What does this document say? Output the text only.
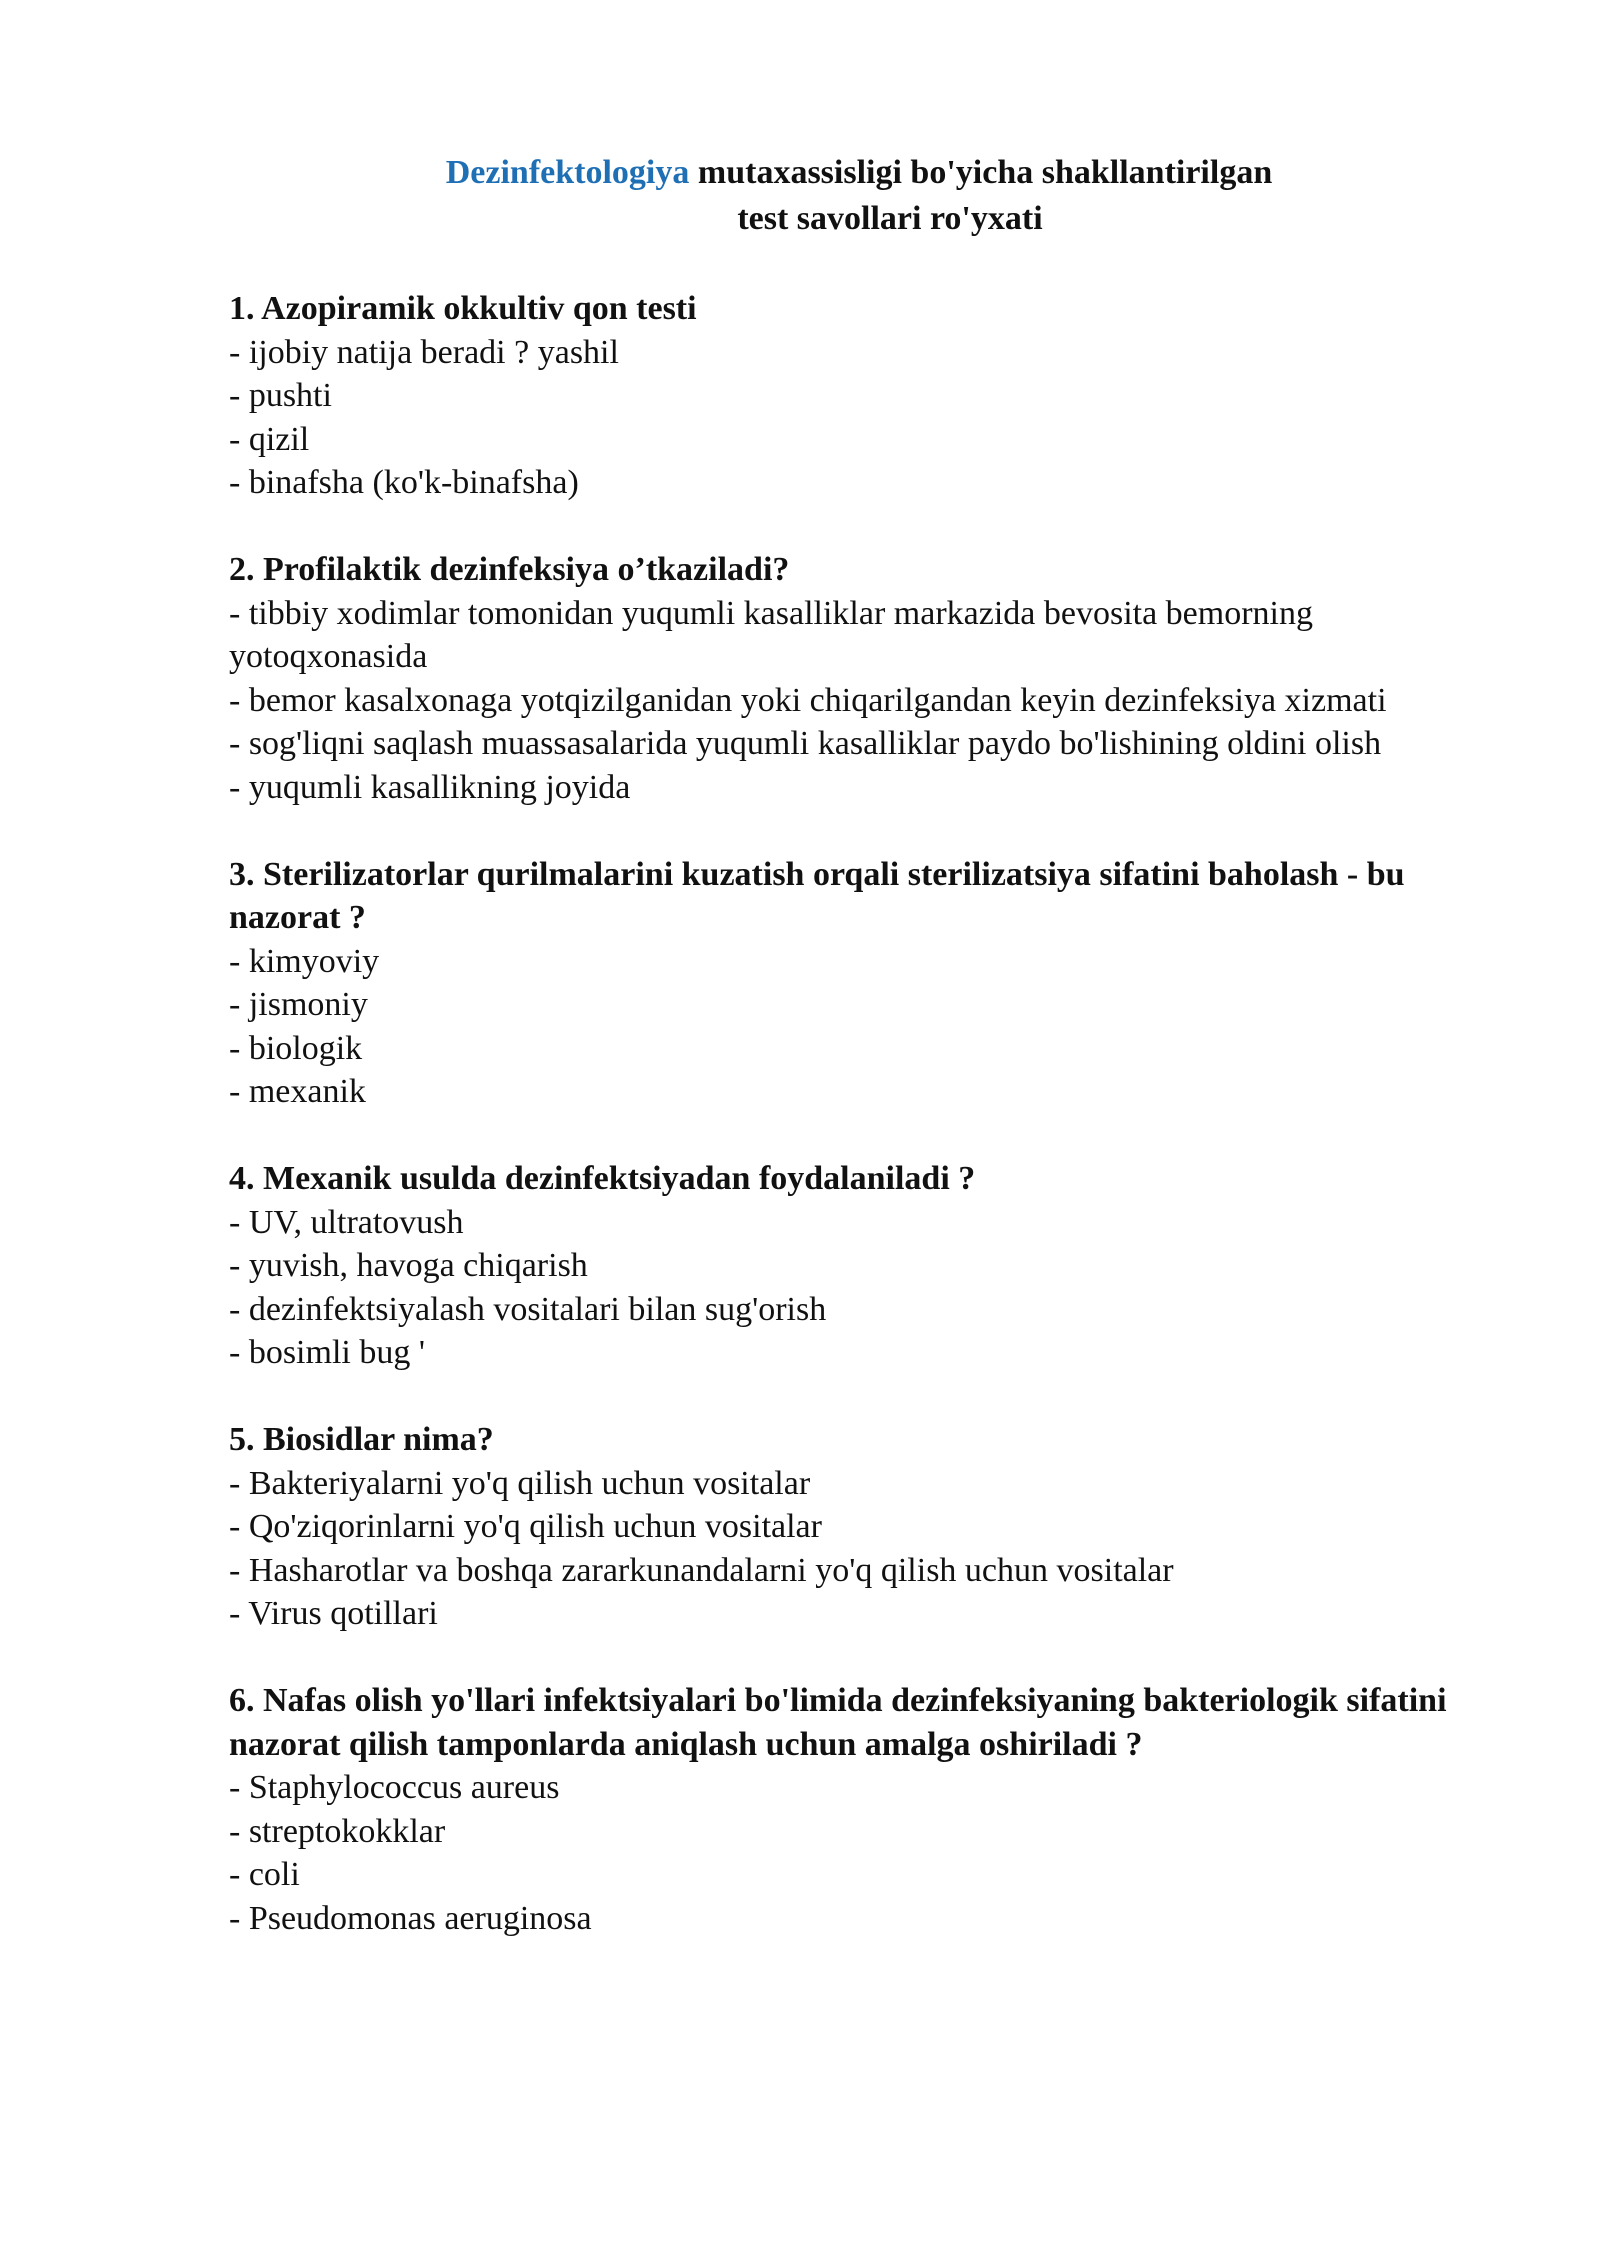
Dezinfektologiya mutaxassisligi bo'yicha shakllantirilgan
test savollari ro'yxati
1. Azopiramik okkultiv qon testi
- ijobiy natija beradi ? yashil
- pushti
- qizil
- binafsha (ko'k-binafsha)
2. Profilaktik dezinfeksiya o’tkaziladi?
- tibbiy xodimlar tomonidan yuqumli kasalliklar markazida bevosita bemorning yotoqxonasida
- bemor kasalxonaga yotqizilganidan yoki chiqarilgandan keyin dezinfeksiya xizmati
- sog'liqni saqlash muassasalarida yuqumli kasalliklar paydo bo'lishining oldini olish
- yuqumli kasallikning joyida
3. Sterilizatorlar qurilmalarini kuzatish orqali sterilizatsiya sifatini baholash - bu nazorat ?
- kimyoviy
- jismoniy
- biologik
- mexanik
4. Mexanik usulda dezinfektsiyadan foydalaniladi ?
- UV, ultratovush
- yuvish, havoga chiqarish
- dezinfektsiyalash vositalari bilan sug'orish
- bosimli bug '
5. Biosidlar nima?
- Bakteriyalarni yo'q qilish uchun vositalar
- Qo'ziqorinlarni yo'q qilish uchun vositalar
- Hasharotlar va boshqa zararkunandalarni yo'q qilish uchun vositalar
- Virus qotillari
6. Nafas olish yo'llari infektsiyalari bo'limida dezinfeksiyaning bakteriologik sifatini nazorat qilish tamponlarda aniqlash uchun amalga oshiriladi ?
- Staphylococcus aureus
- streptokokklar
- coli
- Pseudomonas aeruginosa
